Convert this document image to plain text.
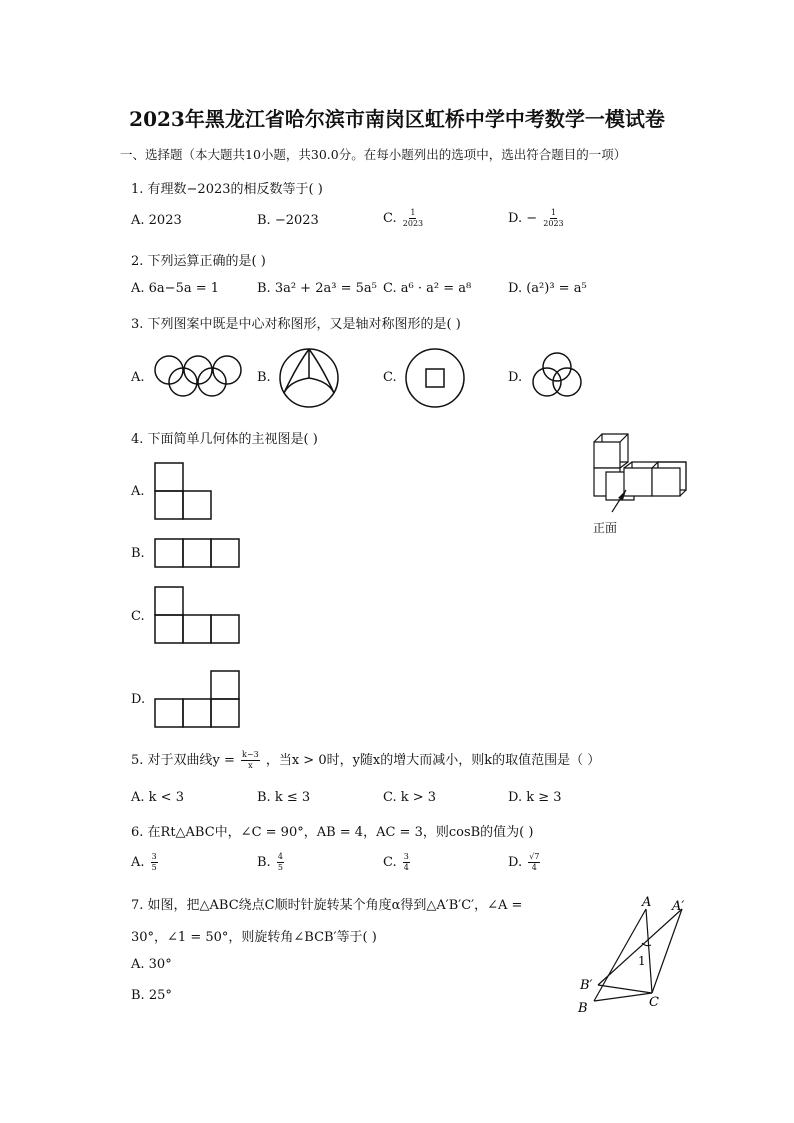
2023年黑龙江省哈尔滨市南岗区虹桥中学中考数学一模试卷
一、选择题（本大题共10小题，共30.0分。在每小题列出的选项中，选出符合题目的一项）
1. 有理数−2023的相反数等于( )
A. 2023	B. −2023	C. $\frac{1}{2023}$	D. − $\frac{1}{2023}$
2. 下列运算正确的是( )
A. 6a−5a = 1	B. 3a² + 2a³ = 5a⁵ C. a⁶ · a² = a⁸	D. (a²)³ = a⁵
3. 下列图案中既是中心对称图形，又是轴对称图形的是( )
A.	B.	C.	D.
4. 下面简单几何体的主视图是( )
正面
A.
B.
C.
D.
5. 对于双曲线$y = \frac{k-3}{x}$ ，当x > 0时，y随x的增大而减小，则k的取值范围是（ ）
A. k < 3	B. k ≤ 3	C. k > 3	D. k ≥ 3
6. 在Rt△ABC中，∠C = 90°，AB = 4，AC = 3，则cosB的值为( )
A. $\frac{3}{5}$	B. $\frac{4}{5}$	C. $\frac{3}{4}$	D. $\frac{√7}{4}$
7. 如图，把△ABC绕点C顺时针旋转某个角度α得到△A′B′C′，∠A =
30°，∠1 = 50°，则旋转角∠BCB′等于( )
A. 30°
B. 25°
A A′
B′
B	C
1
